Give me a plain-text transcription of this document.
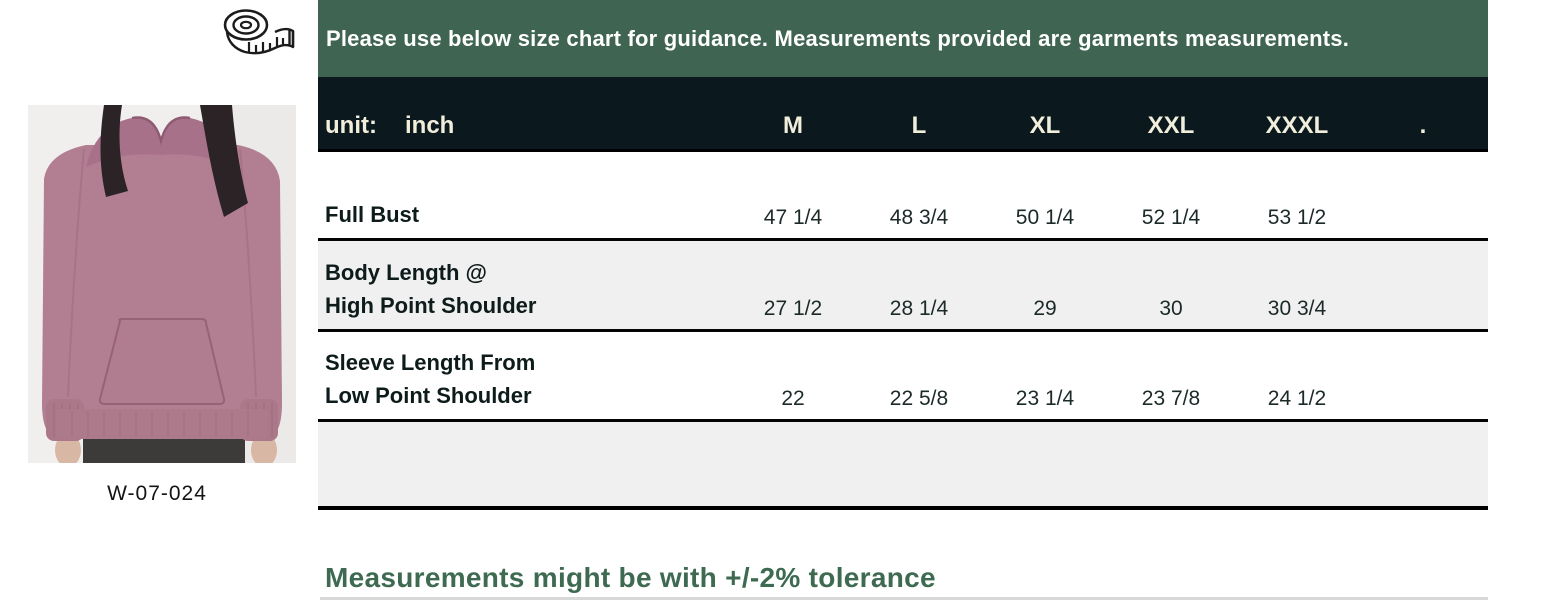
W-07-024
Please use below size chart for guidance. Measurements provided are garments measurements.
unit: inch	M	L	XL	XXL	XXXL	.
Full Bust	47 1/4	48 3/4	50 1/4	52 1/4	53 1/2
Body Length @
High Point Shoulder	27 1/2	28 1/4	29	30	30 3/4
Sleeve Length From
Low Point Shoulder	22	22 5/8	23 1/4	23 7/8	24 1/2
Measurements might be with +/-2% tolerance
